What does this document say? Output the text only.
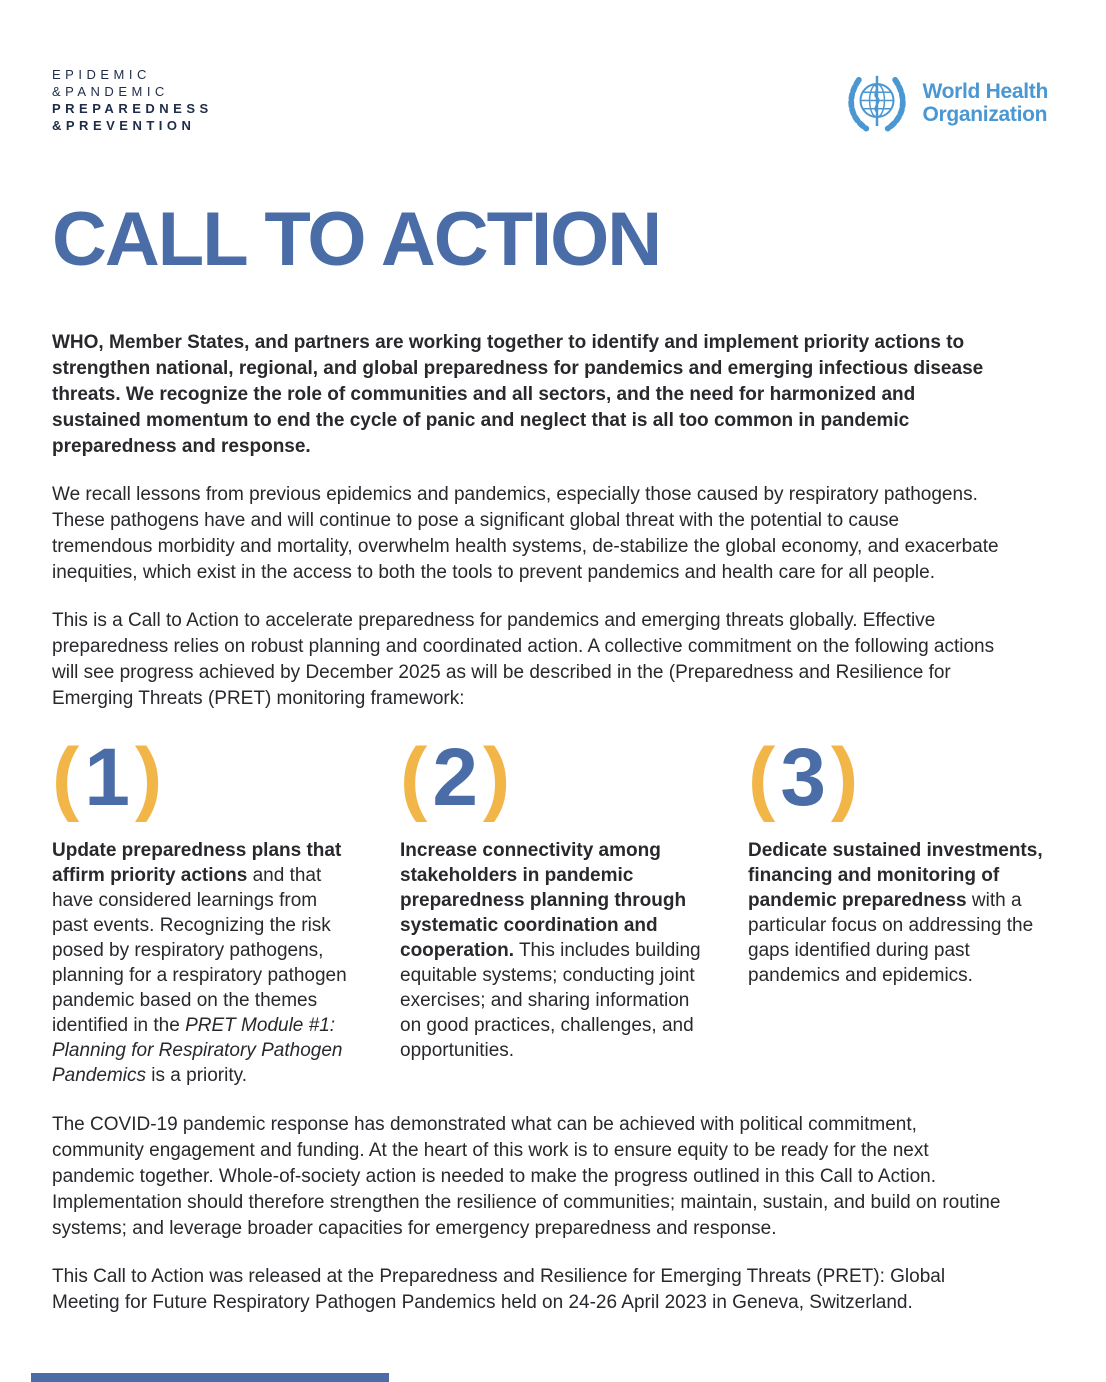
EPIDEMIC
&PANDEMIC
PREPAREDNESS
&PREVENTION
World Health
Organization
CALL TO ACTION

WHO, Member States, and partners are working together to identify and implement priority actions to strengthen national, regional, and global preparedness for pandemics and emerging infectious disease threats. We recognize the role of communities and all sectors, and the need for harmonized and sustained momentum to end the cycle of panic and neglect that is all too common in pandemic preparedness and response.

We recall lessons from previous epidemics and pandemics, especially those caused by respiratory pathogens. These pathogens have and will continue to pose a significant global threat with the potential to cause tremendous morbidity and mortality, overwhelm health systems, de-stabilize the global economy, and exacerbate inequities, which exist in the access to both the tools to prevent pandemics and health care for all people.

This is a Call to Action to accelerate preparedness for pandemics and emerging threats globally. Effective preparedness relies on robust planning and coordinated action. A collective commitment on the following actions will see progress achieved by December 2025 as will be described in the (Preparedness and Resilience for Emerging Threats (PRET) monitoring framework:

(1)
Update preparedness plans that affirm priority actions and that have considered learnings from past events. Recognizing the risk posed by respiratory pathogens, planning for a respiratory pathogen pandemic based on the themes identified in the PRET Module #1: Planning for Respiratory Pathogen Pandemics is a priority.
(2)
Increase connectivity among stakeholders in pandemic preparedness planning through systematic coordination and cooperation. This includes building equitable systems; conducting joint exercises; and sharing information on good practices, challenges, and opportunities.
(3)
Dedicate sustained investments, financing and monitoring of pandemic preparedness with a particular focus on addressing the gaps identified during past pandemics and epidemics.

The COVID-19 pandemic response has demonstrated what can be achieved with political commitment, community engagement and funding. At the heart of this work is to ensure equity to be ready for the next pandemic together. Whole-of-society action is needed to make the progress outlined in this Call to Action. Implementation should therefore strengthen the resilience of communities; maintain, sustain, and build on routine systems; and leverage broader capacities for emergency preparedness and response.

This Call to Action was released at the Preparedness and Resilience for Emerging Threats (PRET): Global Meeting for Future Respiratory Pathogen Pandemics held on 24-26 April 2023 in Geneva, Switzerland.
